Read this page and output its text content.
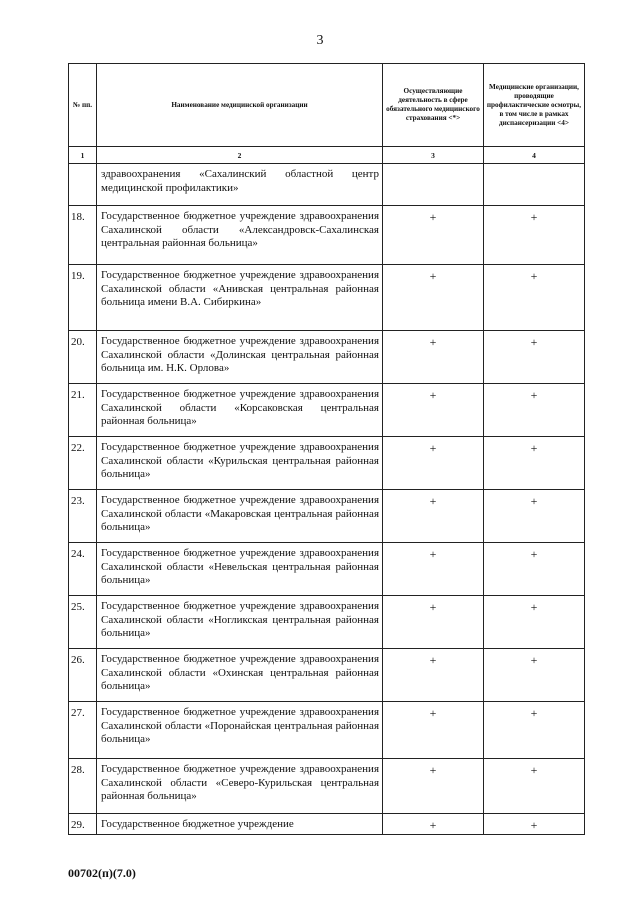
3
№ пп.	Наименование медицинской организации	Осуществляющие деятельность в сфере обязательного медицинского страхования <*>	Медицинские организации, проводящие профилактические осмотры, в том числе в рамках диспансеризации <4>
1	2	3	4
	здравоохранения «Сахалинский областной центр медицинской профилактики»		
18.	Государственное бюджетное учреждение здравоохранения Сахалинской области «Александровск-Сахалинская центральная районная больница»	+	+
19.	Государственное бюджетное учреждение здравоохранения Сахалинской области «Анивская центральная районная больница имени В.А. Сибиркина»	+	+
20.	Государственное бюджетное учреждение здравоохранения Сахалинской области «Долинская центральная районная больница им. Н.К. Орлова»	+	+
21.	Государственное бюджетное учреждение здравоохранения Сахалинской области «Корсаковская центральная районная больница»	+	+
22.	Государственное бюджетное учреждение здравоохранения Сахалинской области «Курильская центральная районная больница»	+	+
23.	Государственное бюджетное учреждение здравоохранения Сахалинской области «Макаровская центральная районная больница»	+	+
24.	Государственное бюджетное учреждение здравоохранения Сахалинской области «Невельская центральная районная больница»	+	+
25.	Государственное бюджетное учреждение здравоохранения Сахалинской области «Ногликская центральная районная больница»	+	+
26.	Государственное бюджетное учреждение здравоохранения Сахалинской области «Охинская центральная районная больница»	+	+
27.	Государственное бюджетное учреждение здравоохранения Сахалинской области «Поронайская центральная районная больница»	+	+
28.	Государственное бюджетное учреждение здравоохранения Сахалинской области «Северо-Курильская центральная районная больница»	+	+
29.	Государственное бюджетное учреждение	+	+
00702(п)(7.0)
